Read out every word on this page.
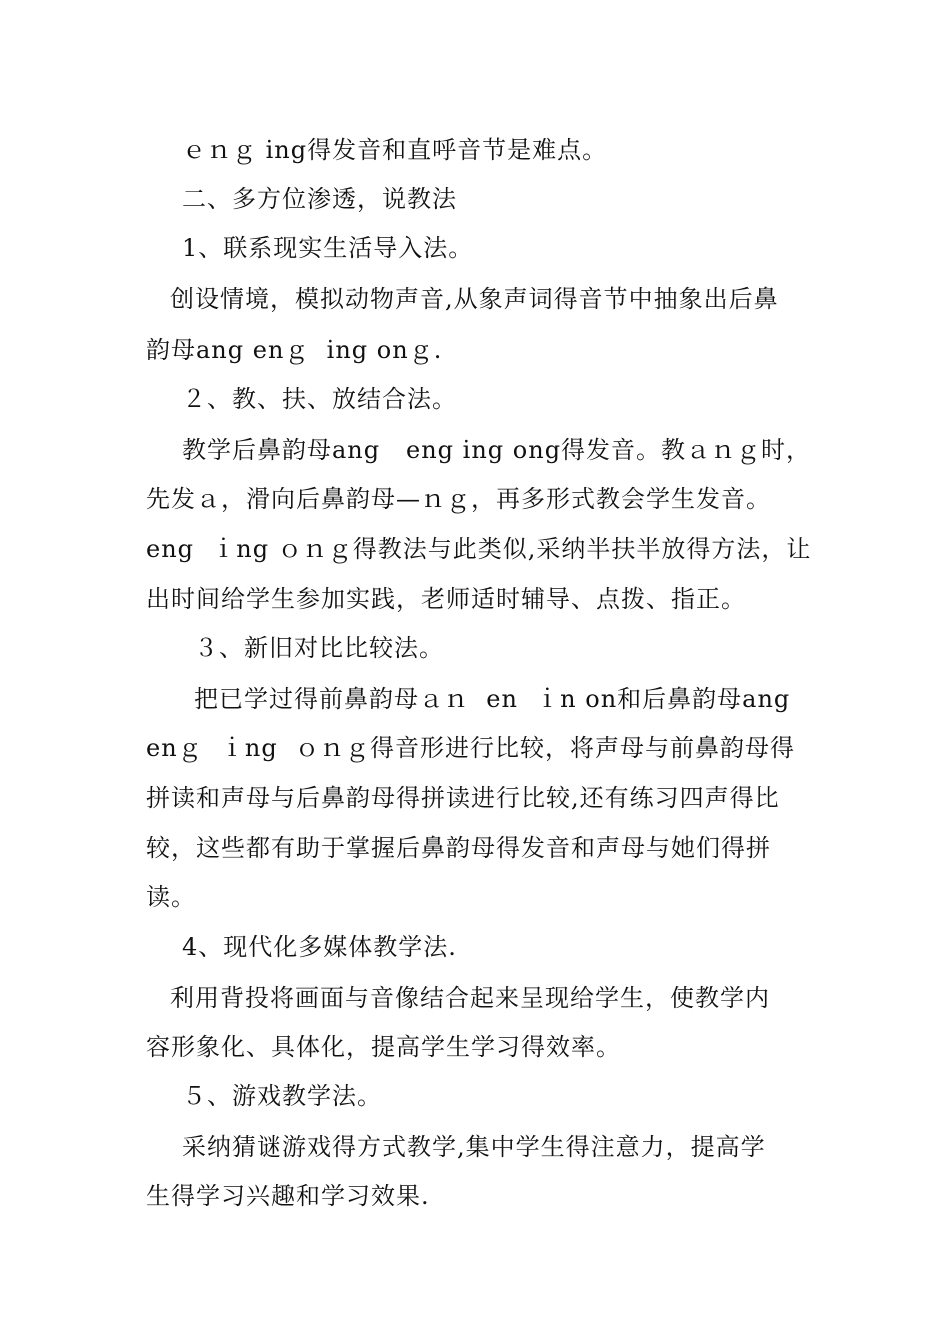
ｅｎｇ ing得发音和直呼音节是难点。
二、多方位渗透，说教法
1、联系现实生活导入法。
创设情境，模拟动物声音,从象声词得音节中抽象出后鼻
韵母ang enｇ  ing onｇ.
２、教、扶、放结合法。
教学后鼻韵母ang   eng ing ong得发音。教ａｎｇ时，
先发ａ，滑向后鼻韵母—ｎｇ，再多形式教会学生发音。
eng  ｉng ｏｎｇ得教法与此类似,采纳半扶半放得方法，让
出时间给学生参加实践，老师适时辅导、点拨、指正。
３、新旧对比比较法。
把已学过得前鼻韵母ａｎ  en  ｉn on和后鼻韵母ang
enｇ  ｉng  ｏｎｇ得音形进行比较，将声母与前鼻韵母得
拼读和声母与后鼻韵母得拼读进行比较,还有练习四声得比
较，这些都有助于掌握后鼻韵母得发音和声母与她们得拼
读。
4、现代化多媒体教学法.
利用背投将画面与音像结合起来呈现给学生，使教学内
容形象化、具体化，提高学生学习得效率。
５、游戏教学法。
采纳猜谜游戏得方式教学,集中学生得注意力，提高学
生得学习兴趣和学习效果.
